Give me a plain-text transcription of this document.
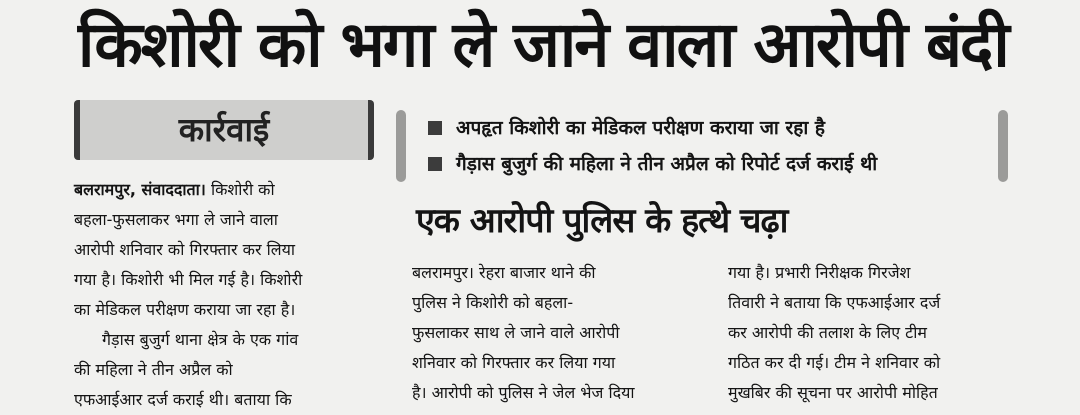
किशोरी को भगा ले जाने वाला आरोपी बंदी
कार्रवाई

बलरामपुर, संवाददाता। किशोरी को

बहला-फुसलाकर भगा ले जाने वाला

आरोपी शनिवार को गिरफ्तार कर लिया

गया है। किशोरी भी मिल गई है। किशोरी

का मेडिकल परीक्षण कराया जा रहा है।

गैड़ास बुजुर्ग थाना क्षेत्र के एक गांव

की महिला ने तीन अप्रैल को

एफआईआर दर्ज कराई थी। बताया कि

अपहृत किशोरी का मेडिकल परीक्षण कराया जा रहा है
गैड़ास बुजुर्ग की महिला ने तीन अप्रैल को रिपोर्ट दर्ज कराई थी
एक आरोपी पुलिस के हत्थे चढ़ा

बलरामपुर। रेहरा बाजार थाने की

पुलिस ने किशोरी को बहला-

फुसलाकर साथ ले जाने वाले आरोपी

शनिवार को गिरफ्तार कर लिया गया

है। आरोपी को पुलिस ने जेल भेज दिया

गया है। प्रभारी निरीक्षक गिरजेश

तिवारी ने बताया कि एफआईआर दर्ज

कर आरोपी की तलाश के लिए टीम

गठित कर दी गई। टीम ने शनिवार को

मुखबिर की सूचना पर आरोपी मोहित
